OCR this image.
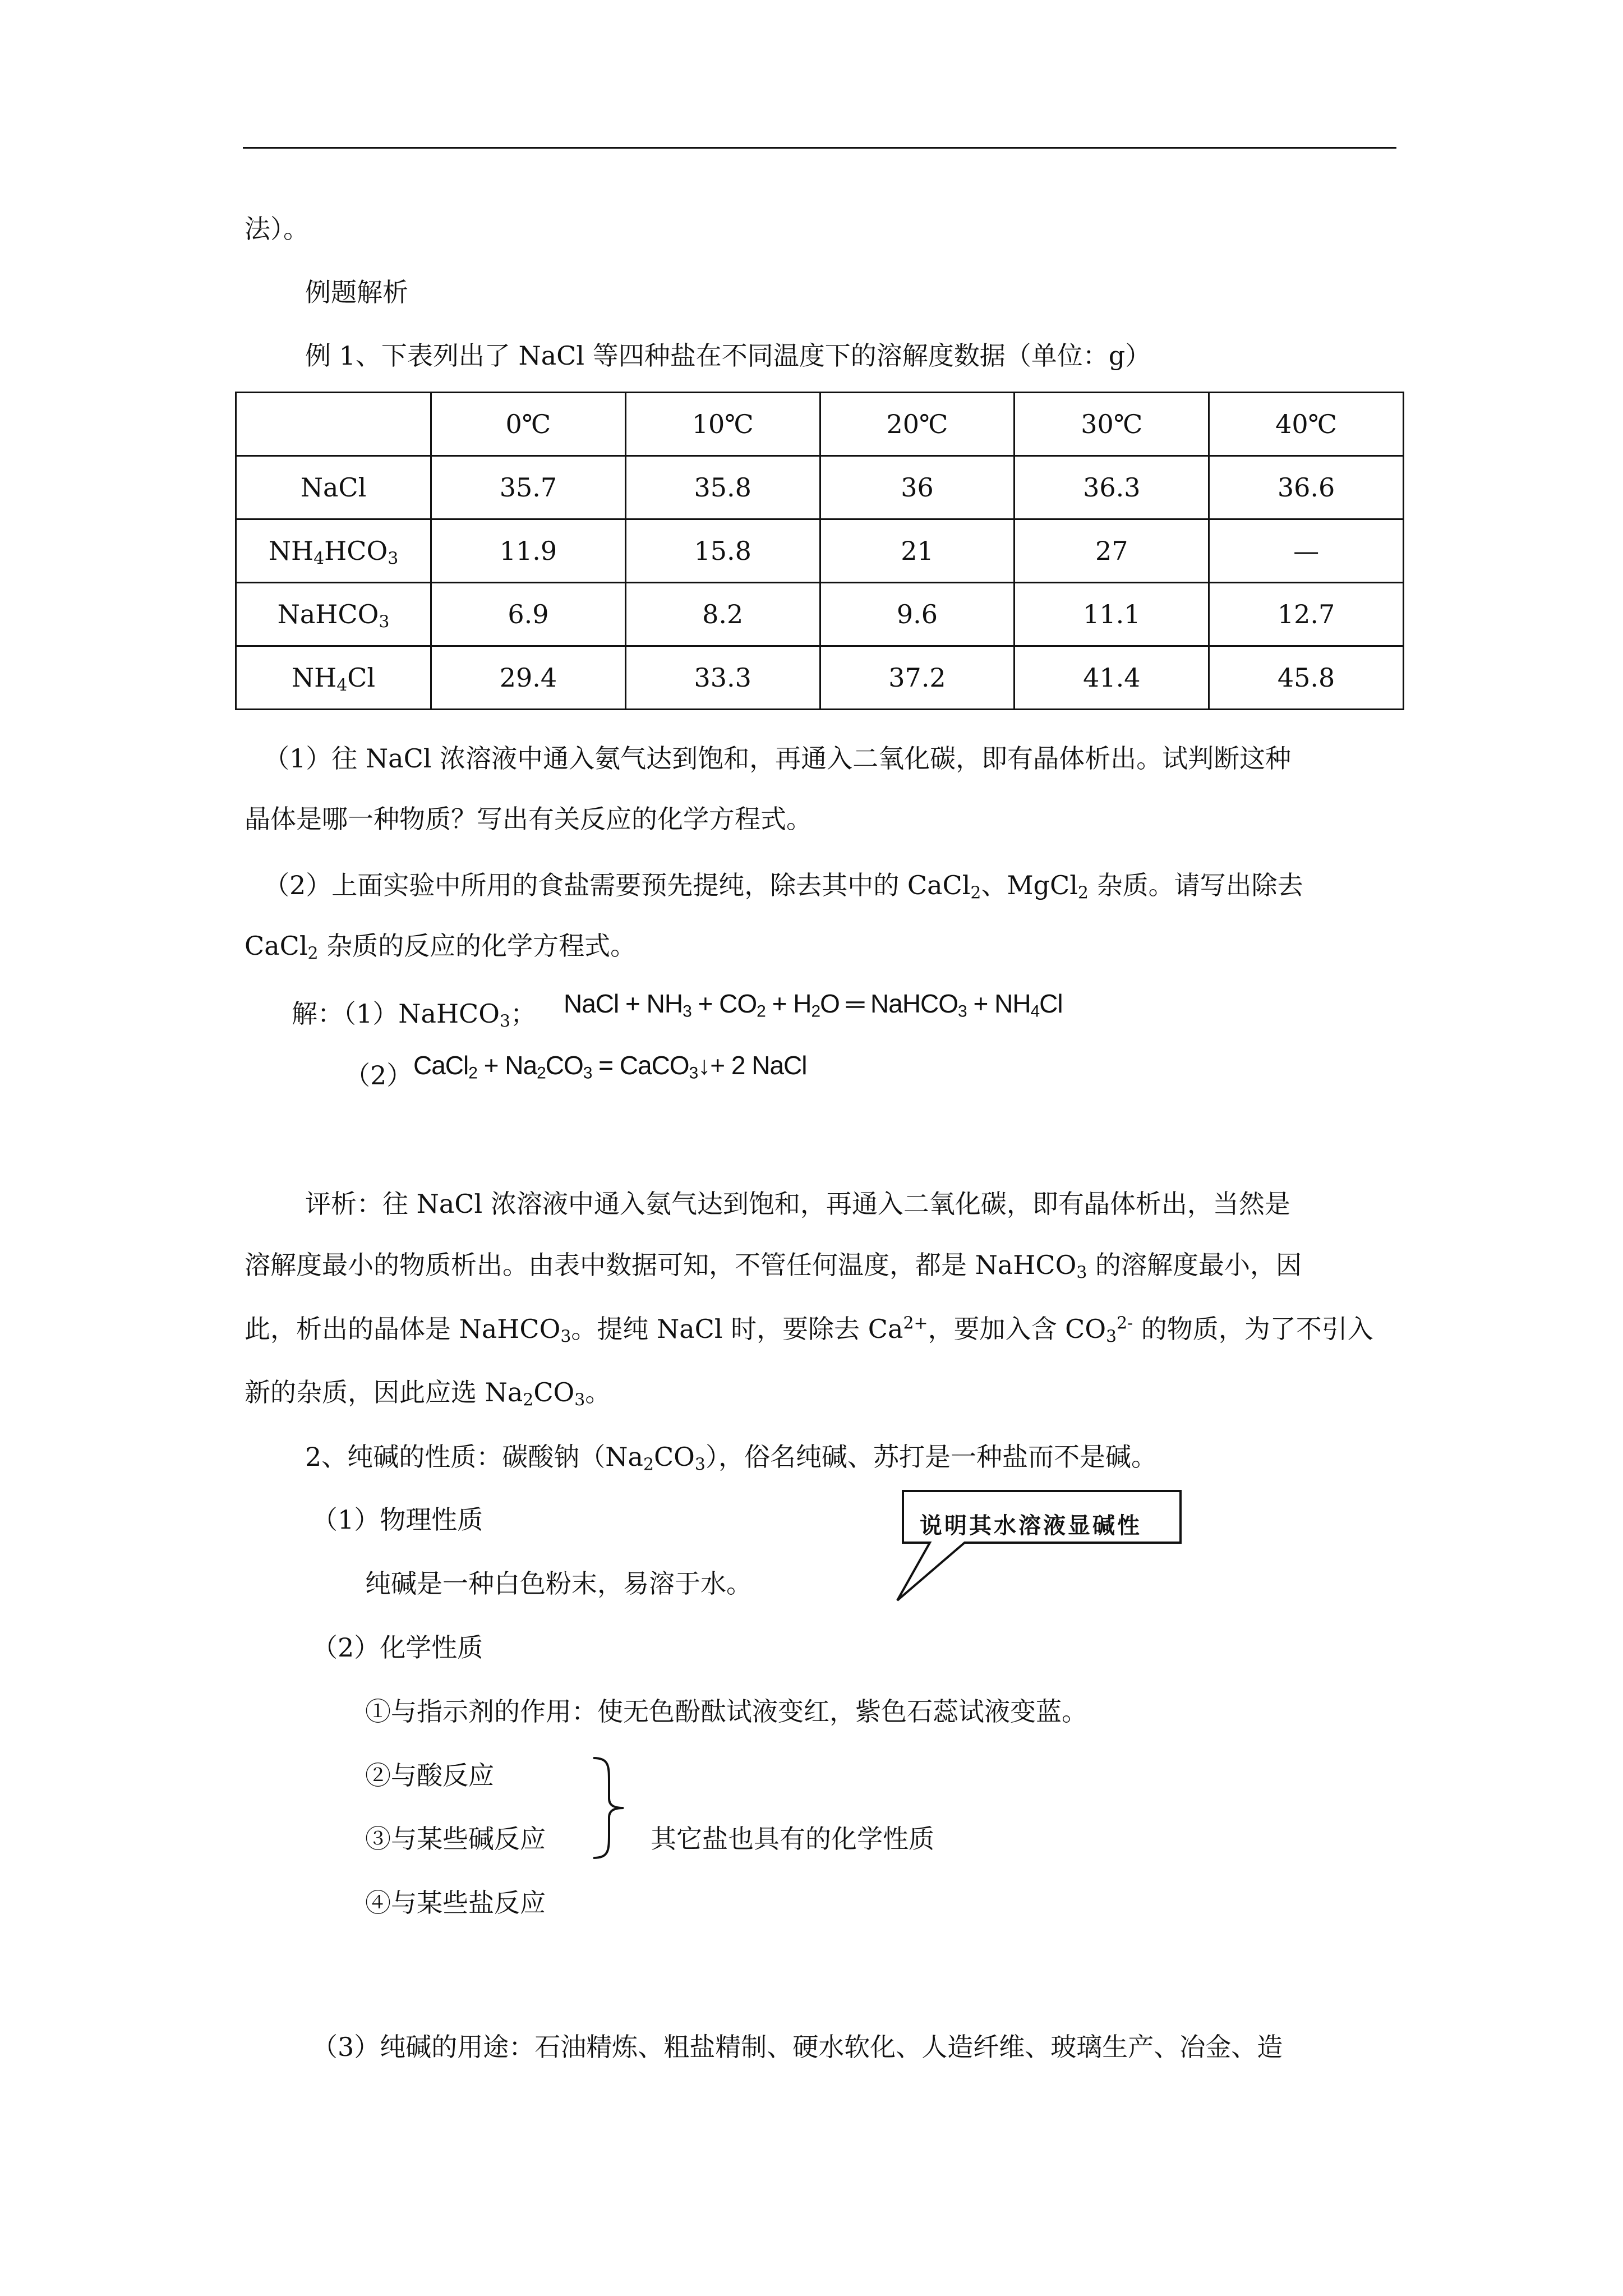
法）。
例题解析
例 1、下表列出了 NaCl 等四种盐在不同温度下的溶解度数据（单位：g）
	0℃	10℃	20℃	30℃	40℃
NaCl	35.7	35.8	36	36.3	36.6
$NH_4HCO_3$	11.9	15.8	21	27	—
NaHCO$_3$	6.9	8.2	9.6	11.1	12.7
$NH_4Cl$	29.4	33.3	37.2	41.4	45.8
（1）往 NaCl 浓溶液中通入氨气达到饱和，再通入二氧化碳，即有晶体析出。试判断这种
晶体是哪一种物质？写出有关反应的化学方程式。
（2）上面实验中所用的食盐需要预先提纯，除去其中的 CaCl$_2$、MgCl$_2$ 杂质。请写出除去
CaCl$_2$ 杂质的反应的化学方程式。
解：（1）NaHCO$_3$； NaCl + $NH_3 + CO_2 + H_2O$ ═ NaHCO$_3$ + $NH_4Cl$
（2） CaCl$_2$ + $Na_2CO_3$ = CaCO$_3$↓+ 2 NaCl
评析：往 NaCl 浓溶液中通入氨气达到饱和，再通入二氧化碳，即有晶体析出，当然是
溶解度最小的物质析出。由表中数据可知，不管任何温度，都是 NaHCO$_3$ 的溶解度最小，因
此，析出的晶体是 NaHCO$_3$。提纯 NaCl 时，要除去 $Ca^{2+}$，要加入含 $CO_3^{2-}$ 的物质，为了不引入
新的杂质，因此应选 $Na_2CO_3$。
2、纯碱的性质：碳酸钠$(Na_2CO_3)$，俗名纯碱、苏打是一种盐而不是碱。
（1）物理性质
纯碱是一种白色粉末，易溶于水。
说明其水溶液显碱性
（2）化学性质
①与指示剂的作用：使无色酚酞试液变红，紫色石蕊试液变蓝。
②与酸反应
③与某些碱反应
④与某些盐反应
其它盐也具有的化学性质
（3）纯碱的用途：石油精炼、粗盐精制、硬水软化、人造纤维、玻璃生产、冶金、造
